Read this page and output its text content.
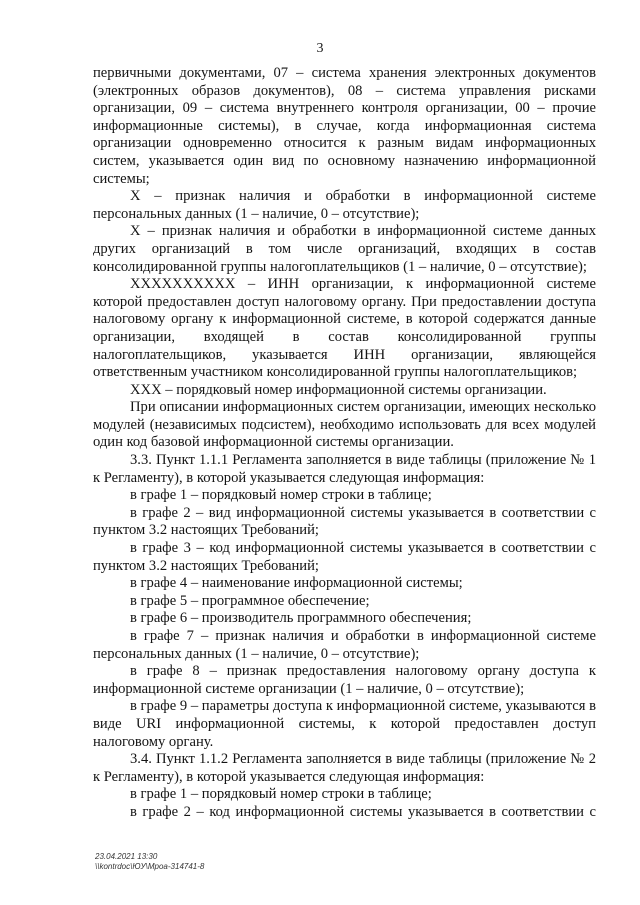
3

первичными документами, 07 – система хранения электронных документов (электронных образов документов), 08 – система управления рисками организации, 09 – система внутреннего контроля организации, 00 – прочие информационные системы), в случае, когда информационная система организации одновременно относится к разным видам информационных систем, указывается один вид по основному назначению информационной системы;

Х – признак наличия и обработки в информационной системе персональных данных (1 – наличие, 0 – отсутствие);

Х – признак наличия и обработки в информационной системе данных других организаций в том числе организаций, входящих в состав консолидированной группы налогоплательщиков (1 – наличие, 0 – отсутствие);

ХХХХХХХХХХ – ИНН организации, к информационной системе которой предоставлен доступ налоговому органу. При предоставлении доступа налоговому органу к информационной системе, в которой содержатся данные организации, входящей в состав консолидированной группы налогоплательщиков, указывается ИНН организации, являющейся ответственным участником консолидированной группы налогоплательщиков;

ХХХ – порядковый номер информационной системы организации.

При описании информационных систем организации, имеющих несколько модулей (независимых подсистем), необходимо использовать для всех модулей один код базовой информационной системы организации.

3.3. Пункт 1.1.1 Регламента заполняется в виде таблицы (приложение № 1 к Регламенту), в которой указывается следующая информация:

в графе 1 – порядковый номер строки в таблице;

в графе 2 – вид информационной системы указывается в соответствии с пунктом 3.2 настоящих Требований;

в графе 3 – код информационной системы указывается в соответствии с пунктом 3.2 настоящих Требований;

в графе 4 – наименование информационной системы;

в графе 5 – программное обеспечение;

в графе 6 – производитель программного обеспечения;

в графе 7 – признак наличия и обработки в информационной системе персональных данных (1 – наличие, 0 – отсутствие);

в графе 8 – признак предоставления налоговому органу доступа к информационной системе организации (1 – наличие, 0 – отсутствие);

в графе 9 – параметры доступа к информационной системе, указываются в виде URI информационной системы, к которой предоставлен доступ налоговому органу.

3.4. Пункт 1.1.2 Регламента заполняется в виде таблицы (приложение № 2 к Регламенту), в которой указывается следующая информация:

в графе 1 – порядковый номер строки в таблице;

в графе 2 – код информационной системы указывается в соответствии с

23.04.2021 13:30
\\kontrdoc\ЮУ\Mpoa-314741-8
